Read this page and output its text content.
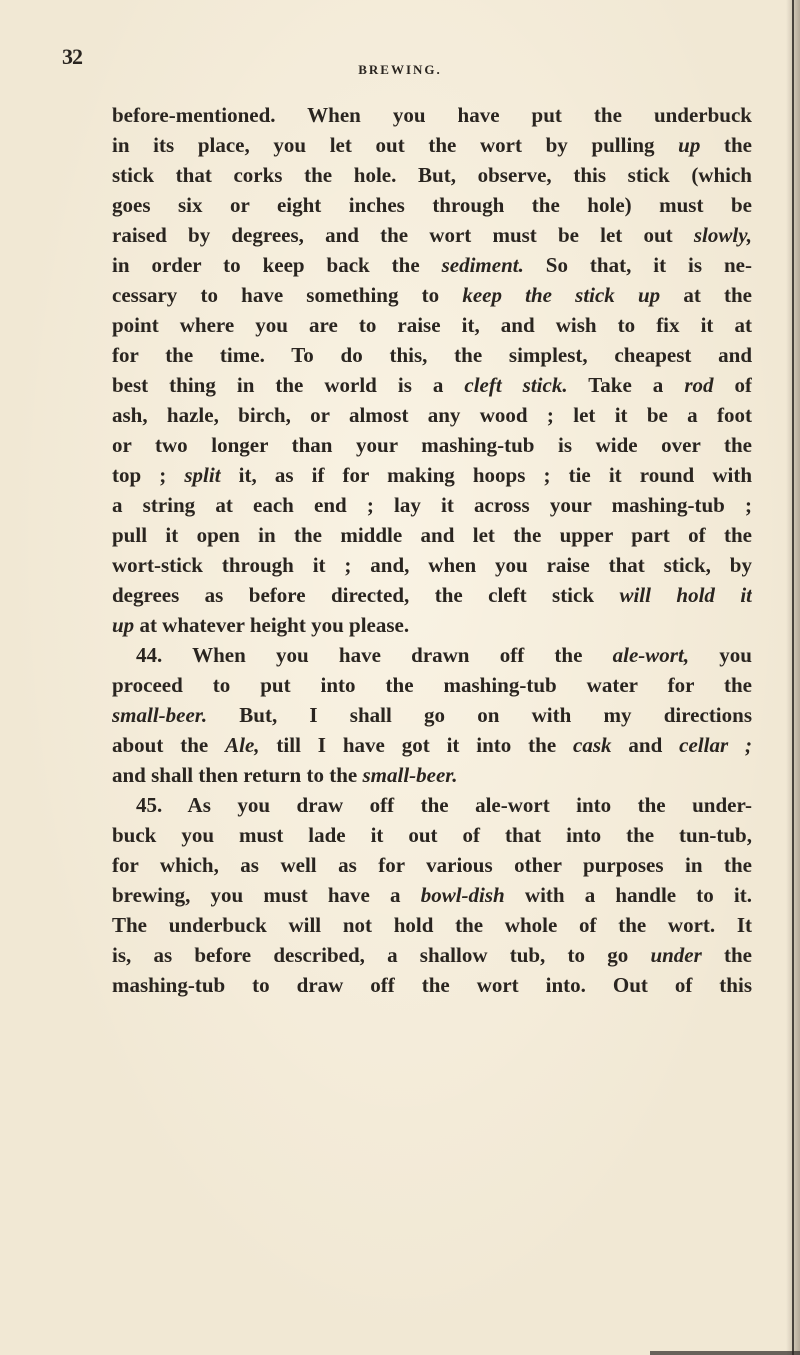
32
BREWING.
before-mentioned. When you have put the underbuck
in its place, you let out the wort by pulling up the
stick that corks the hole. But, observe, this stick (which
goes six or eight inches through the hole) must be
raised by degrees, and the wort must be let out slowly,
in order to keep back the sediment. So that, it is ne-
cessary to have something to keep the stick up at the
point where you are to raise it, and wish to fix it at
for the time. To do this, the simplest, cheapest and
best thing in the world is a cleft stick. Take a rod of
ash, hazle, birch, or almost any wood ; let it be a foot
or two longer than your mashing-tub is wide over the
top ; split it, as if for making hoops ; tie it round with
a string at each end ; lay it across your mashing-tub ;
pull it open in the middle and let the upper part of the
wort-stick through it ; and, when you raise that stick, by
degrees as before directed, the cleft stick will hold it
up at whatever height you please.
44. When you have drawn off the ale-wort, you
proceed to put into the mashing-tub water for the
small-beer. But, I shall go on with my directions
about the Ale, till I have got it into the cask and cellar ;
and shall then return to the small-beer.
45. As you draw off the ale-wort into the under-
buck you must lade it out of that into the tun-tub,
for which, as well as for various other purposes in the
brewing, you must have a bowl-dish with a handle to it.
The underbuck will not hold the whole of the wort. It
is, as before described, a shallow tub, to go under the
mashing-tub to draw off the wort into. Out of this
